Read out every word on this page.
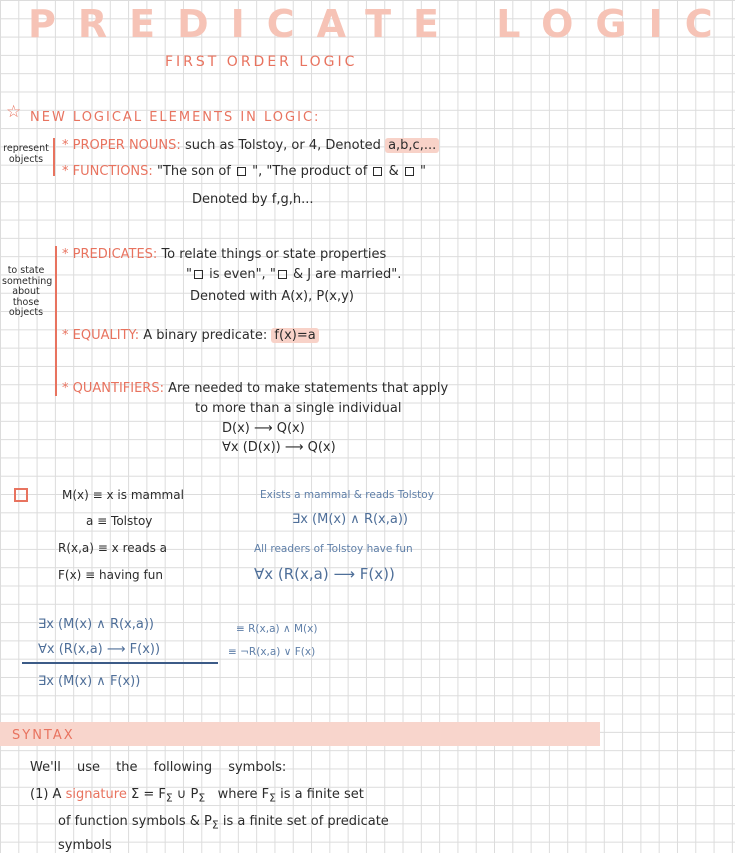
PREDICATE LOGIC
FIRST ORDER LOGIC
☆ NEW LOGICAL ELEMENTS IN LOGIC:
represent objects
* PROPER NOUNS: such as Tolstoy, or 4, Denoted a,b,c,...
* FUNCTIONS: "The son of ", "The product of & "
Denoted by f,g,h...
to state something about those objects
* PREDICATES: To relate things or state properties
" is even", " & J are married".
Denoted with A(x), P(x,y)
* EQUALITY: A binary predicate: f(x)=a
* QUANTIFIERS: Are needed to make statements that apply
to more than a single individual
D(x) ⟶ Q(x)
∀x (D(x)) ⟶ Q(x)
M(x) ≡ x is mammal
a ≡ Tolstoy
R(x,a) ≡ x reads a
F(x) ≡ having fun
Exists a mammal & reads Tolstoy
∃x (M(x) ∧ R(x,a))
All readers of Tolstoy have fun
∀x (R(x,a) ⟶ F(x))
∃x (M(x) ∧ R(x,a))	≡ R(x,a) ∧ M(x)
∀x (R(x,a) ⟶ F(x))	≡ ¬R(x,a) ∨ F(x)
∃x (M(x) ∧ F(x))
SYNTAX
We'll use the following symbols:
(1) A signature $\Sigma = F_\Sigma$ ∪ $P_\Sigma$ where $F_\Sigma$ is a finite set
of function symbols & $P_\Sigma$ is a finite set of predicate
symbols
